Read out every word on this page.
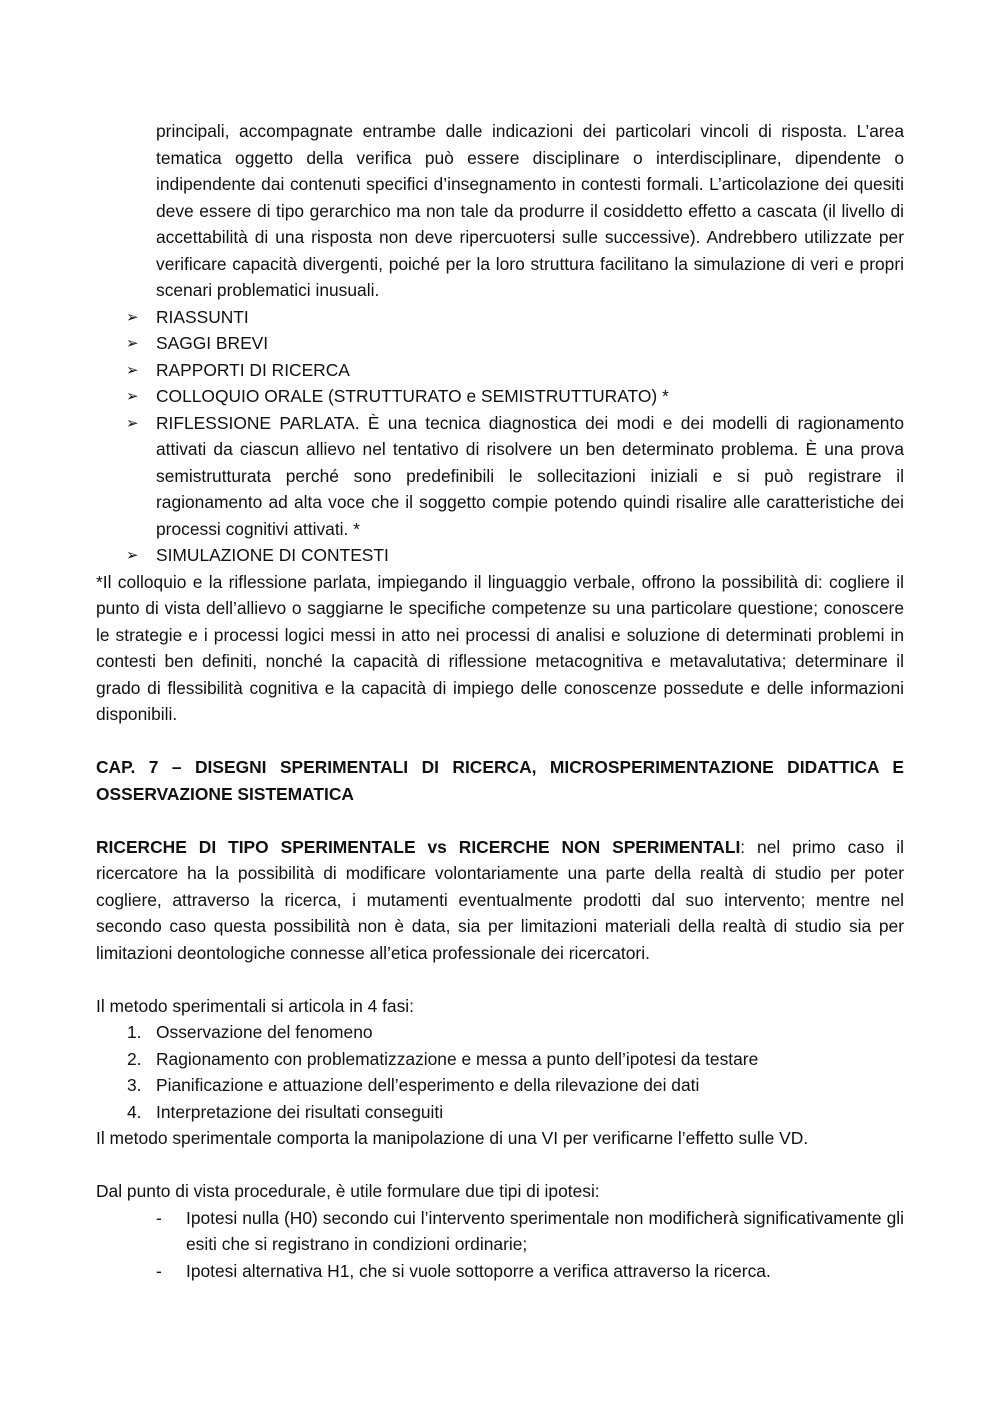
principali, accompagnate entrambe dalle indicazioni dei particolari vincoli di risposta. L’area tematica oggetto della verifica può essere disciplinare o interdisciplinare, dipendente o indipendente dai contenuti specifici d’insegnamento in contesti formali. L’articolazione dei quesiti deve essere di tipo gerarchico ma non tale da produrre il cosiddetto effetto a cascata (il livello di accettabilità di una risposta non deve ripercuotersi sulle successive). Andrebbero utilizzate per verificare capacità divergenti, poiché per la loro struttura facilitano la simulazione di veri e propri scenari problematici inusuali.

➢	RIASSUNTI
➢	SAGGI BREVI
➢	RAPPORTI DI RICERCA
➢	COLLOQUIO ORALE (STRUTTURATO e SEMISTRUTTURATO) *
➢	RIFLESSIONE PARLATA. È una tecnica diagnostica dei modi e dei modelli di ragionamento attivati da ciascun allievo nel tentativo di risolvere un ben determinato problema. È una prova semistrutturata perché sono predefinibili le sollecitazioni iniziali e si può registrare il ragionamento ad alta voce che il soggetto compie potendo quindi risalire alle caratteristiche dei processi cognitivi attivati. *
➢	SIMULAZIONE DI CONTESTI

*Il colloquio e la riflessione parlata, impiegando il linguaggio verbale, offrono la possibilità di: cogliere il punto di vista dell’allievo o saggiarne le specifiche competenze su una particolare questione; conoscere le strategie e i processi logici messi in atto nei processi di analisi e soluzione di determinati problemi in contesti ben definiti, nonché la capacità di riflessione metacognitiva e metavalutativa; determinare il grado di flessibilità cognitiva e la capacità di impiego delle conoscenze possedute e delle informazioni disponibili.

CAP. 7 – DISEGNI SPERIMENTALI DI RICERCA, MICROSPERIMENTAZIONE DIDATTICA E OSSERVAZIONE SISTEMATICA

RICERCHE DI TIPO SPERIMENTALE vs RICERCHE NON SPERIMENTALI: nel primo caso il ricercatore ha la possibilità di modificare volontariamente una parte della realtà di studio per poter cogliere, attraverso la ricerca, i mutamenti eventualmente prodotti dal suo intervento; mentre nel secondo caso questa possibilità non è data, sia per limitazioni materiali della realtà di studio sia per limitazioni deontologiche connesse all’etica professionale dei ricercatori.

Il metodo sperimentali si articola in 4 fasi:

1. Osservazione del fenomeno
2. Ragionamento con problematizzazione e messa a punto dell’ipotesi da testare
3. Pianificazione e attuazione dell’esperimento e della rilevazione dei dati
4. Interpretazione dei risultati conseguiti

Il metodo sperimentale comporta la manipolazione di una VI per verificarne l’effetto sulle VD.

Dal punto di vista procedurale, è utile formulare due tipi di ipotesi:

- Ipotesi nulla (H0) secondo cui l’intervento sperimentale non modificherà significativamente gli esiti che si registrano in condizioni ordinarie;
- Ipotesi alternativa H1, che si vuole sottoporre a verifica attraverso la ricerca.
